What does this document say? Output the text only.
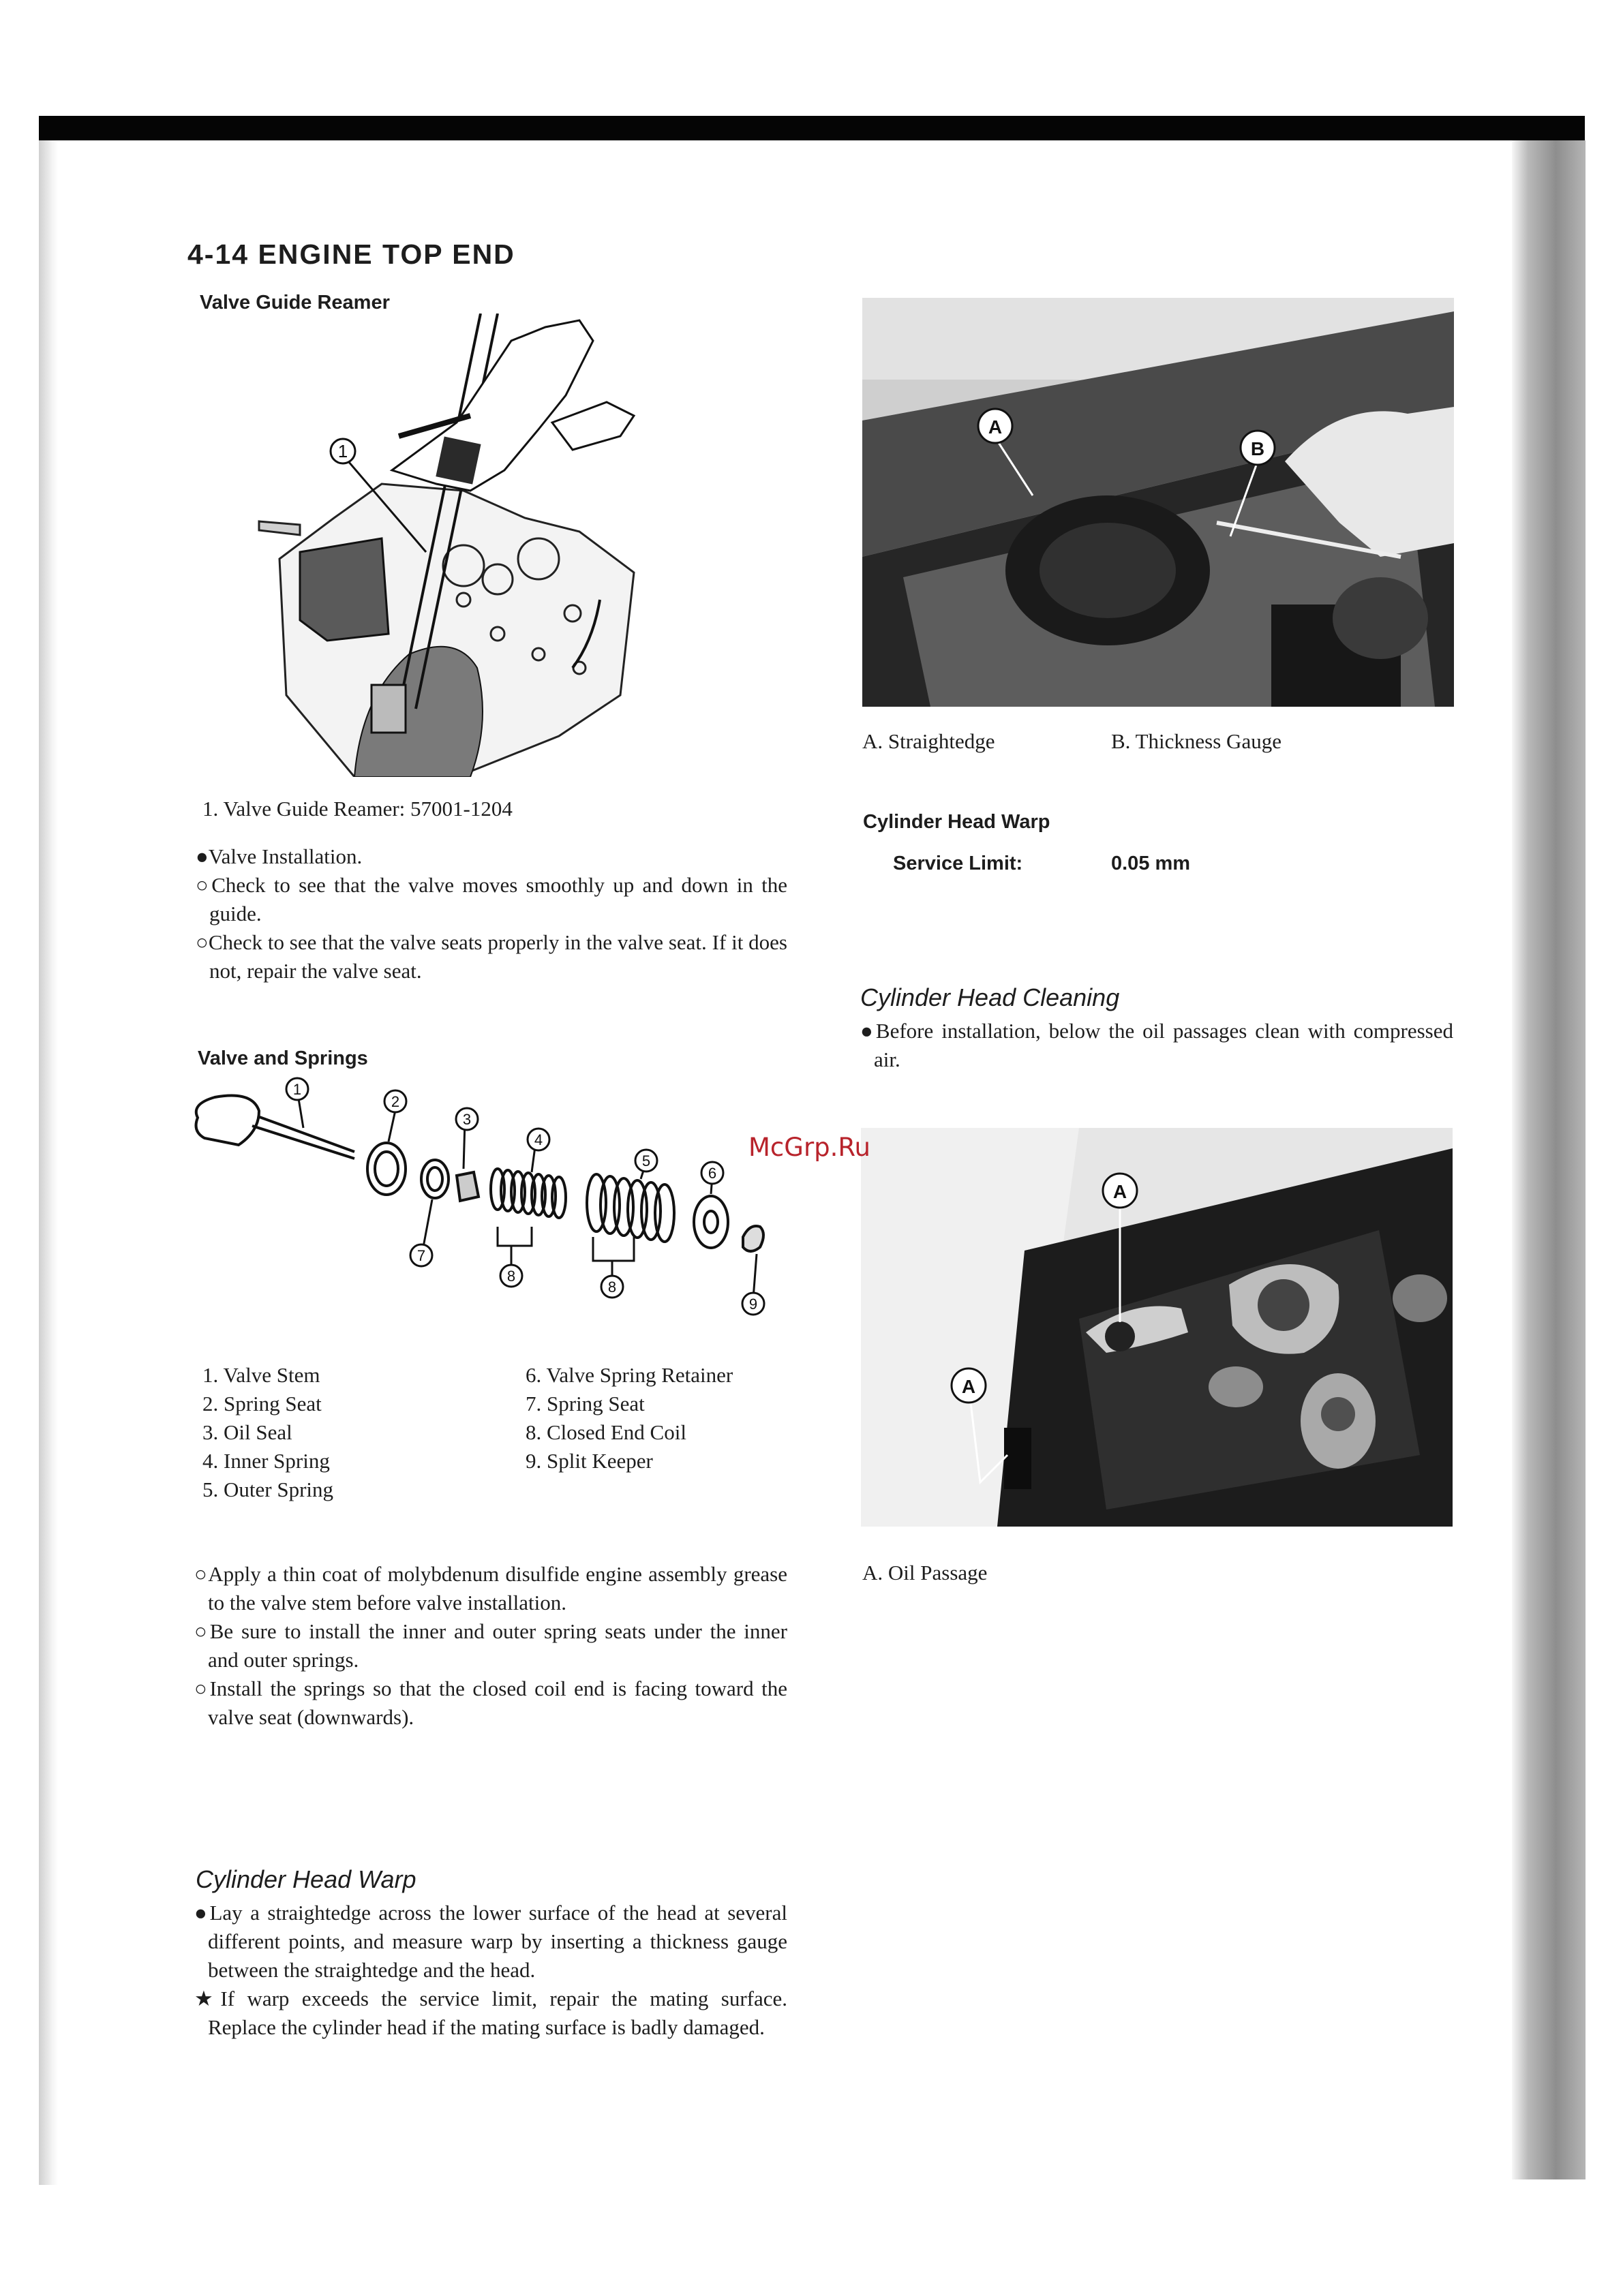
4-14 ENGINE TOP END
Valve Guide Reamer
1
1. Valve Guide Reamer: 57001-1204

●Valve Installation.

○Check to see that the valve moves smoothly up and down in the guide.

○Check to see that the valve seats properly in the valve seat. If it does not, repair the valve seat.

Valve and Springs
1
2
3
4
5
6
7
8
8
9
1. Valve Stem
2. Spring Seat
3. Oil Seal
4. Inner Spring
5. Outer Spring
6. Valve Spring Retainer
7. Spring Seat
8. Closed End Coil
9. Split Keeper

○Apply a thin coat of molybdenum disulfide engine assembly grease to the valve stem before valve installation.

○Be sure to install the inner and outer spring seats under the inner and outer springs.

○Install the springs so that the closed coil end is facing toward the valve seat (downwards).

Cylinder Head Warp

●Lay a straightedge across the lower surface of the head at several different points, and measure warp by inserting a thickness gauge between the straightedge and the head.

★If warp exceeds the service limit, repair the mating surface. Replace the cylinder head if the mating surface is badly damaged.

A
B
A. Straightedge	B. Thickness Gauge
Cylinder Head Warp
Service Limit:	0.05 mm
Cylinder Head Cleaning

●Before installation, below the oil passages clean with compressed air.

A
A
A. Oil Passage
McGrp.Ru
